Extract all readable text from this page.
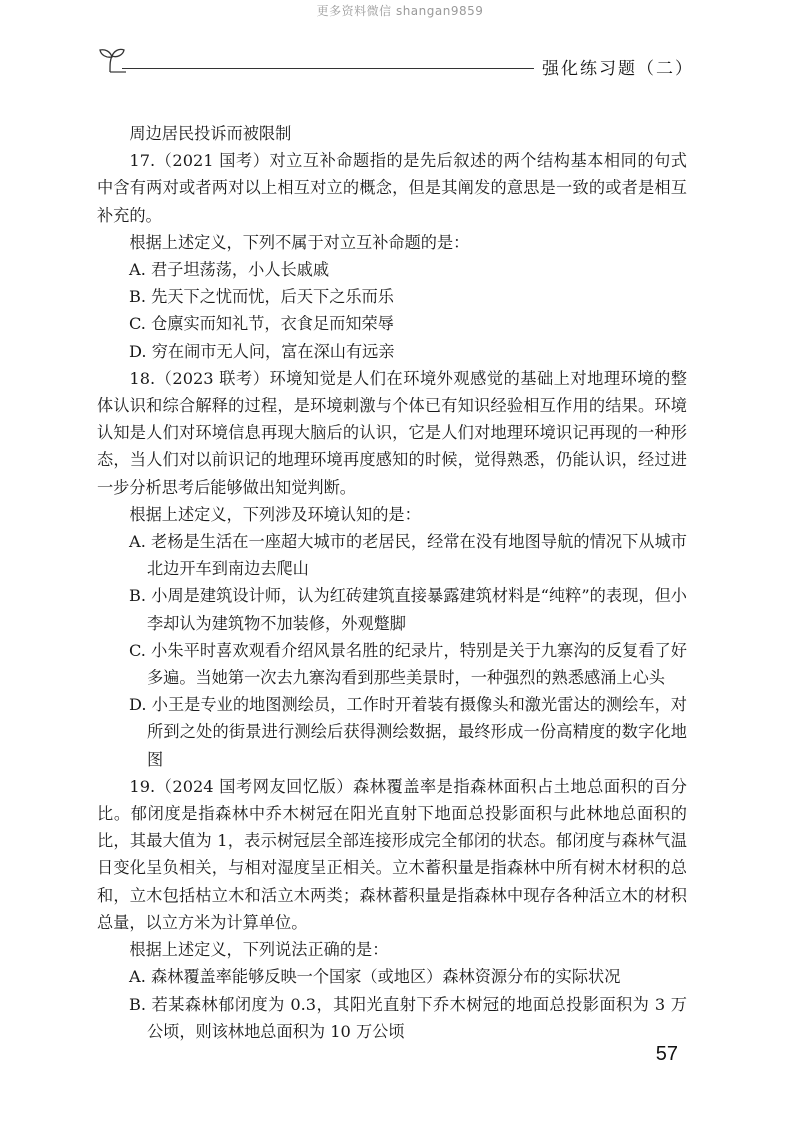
更多资料微信 shangan9859
强化练习题（二）

周边居民投诉而被限制

17.（2021 国考）对立互补命题指的是先后叙述的两个结构基本相同的句式中含有两对或者两对以上相互对立的概念，但是其阐发的意思是一致的或者是相互补充的。

根据上述定义，下列不属于对立互补命题的是：

A. 君子坦荡荡，小人长戚戚

B. 先天下之忧而忧，后天下之乐而乐

C. 仓廪实而知礼节，衣食足而知荣辱

D. 穷在闹市无人问，富在深山有远亲

18.（2023 联考）环境知觉是人们在环境外观感觉的基础上对地理环境的整体认识和综合解释的过程，是环境刺激与个体已有知识经验相互作用的结果。环境认知是人们对环境信息再现大脑后的认识，它是人们对地理环境识记再现的一种形态，当人们对以前识记的地理环境再度感知的时候，觉得熟悉，仍能认识，经过进一步分析思考后能够做出知觉判断。

根据上述定义，下列涉及环境认知的是：

A. 老杨是生活在一座超大城市的老居民，经常在没有地图导航的情况下从城市北边开车到南边去爬山

B. 小周是建筑设计师，认为红砖建筑直接暴露建筑材料是“纯粹”的表现，但小李却认为建筑物不加装修，外观蹩脚

C. 小朱平时喜欢观看介绍风景名胜的纪录片，特别是关于九寨沟的反复看了好多遍。当她第一次去九寨沟看到那些美景时，一种强烈的熟悉感涌上心头

D. 小王是专业的地图测绘员，工作时开着装有摄像头和激光雷达的测绘车，对所到之处的街景进行测绘后获得测绘数据，最终形成一份高精度的数字化地图

19.（2024 国考网友回忆版）森林覆盖率是指森林面积占土地总面积的百分比。郁闭度是指森林中乔木树冠在阳光直射下地面总投影面积与此林地总面积的比，其最大值为 1，表示树冠层全部连接形成完全郁闭的状态。郁闭度与森林气温日变化呈负相关，与相对湿度呈正相关。立木蓄积量是指森林中所有树木材积的总和，立木包括枯立木和活立木两类；森林蓄积量是指森林中现存各种活立木的材积总量，以立方米为计算单位。

根据上述定义，下列说法正确的是：

A. 森林覆盖率能够反映一个国家（或地区）森林资源分布的实际状况

B. 若某森林郁闭度为 0.3，其阳光直射下乔木树冠的地面总投影面积为 3 万公顷，则该林地总面积为 10 万公顷

57
